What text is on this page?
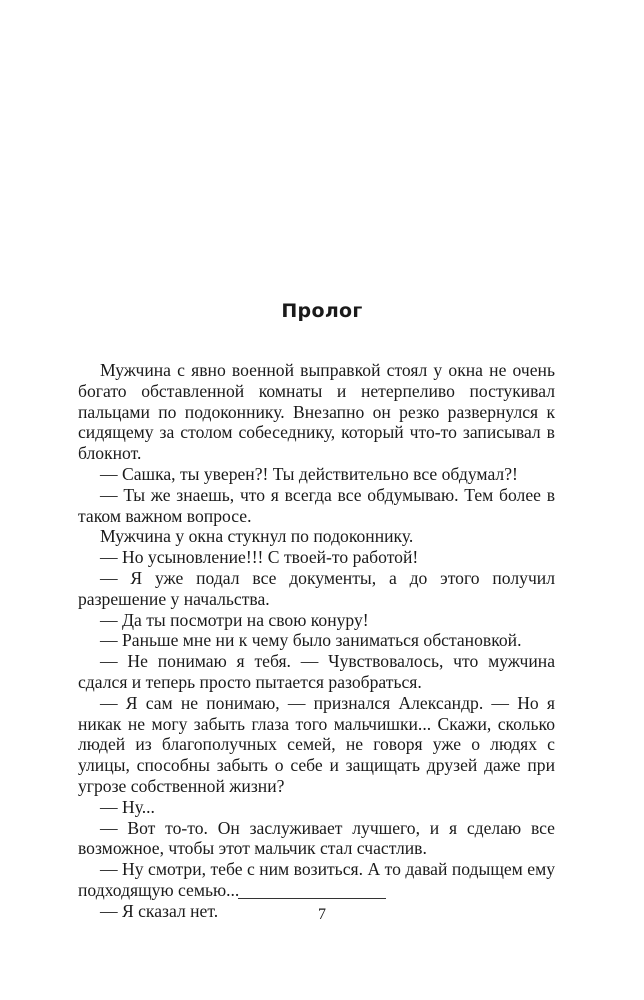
Пролог

Мужчина с явно военной выправкой стоял у окна не очень богато обставленной комнаты и нетерпеливо постукивал пальцами по подоконнику. Внезапно он резко развернулся к сидящему за столом собеседнику, который что-то записывал в блокнот.

— Сашка, ты уверен?! Ты действительно все обдумал?!

— Ты же знаешь, что я всегда все обдумываю. Тем более в таком важном вопросе.

Мужчина у окна стукнул по подоконнику.

— Но усыновление!!! С твоей-то работой!

— Я уже подал все документы, а до этого получил разрешение у начальства.

— Да ты посмотри на свою конуру!

— Раньше мне ни к чему было заниматься обстановкой.

— Не понимаю я тебя. — Чувствовалось, что мужчина сдался и теперь просто пытается разобраться.

— Я сам не понимаю, — признался Александр. — Но я никак не могу забыть глаза того мальчишки... Скажи, сколько людей из благополучных семей, не говоря уже о людях с улицы, способны забыть о себе и защищать друзей даже при угрозе собственной жизни?

— Ну...

— Вот то-то. Он заслуживает лучшего, и я сделаю все возможное, чтобы этот мальчик стал счастлив.

— Ну смотри, тебе с ним возиться. А то давай подыщем ему подходящую семью...

— Я сказал нет.	7
